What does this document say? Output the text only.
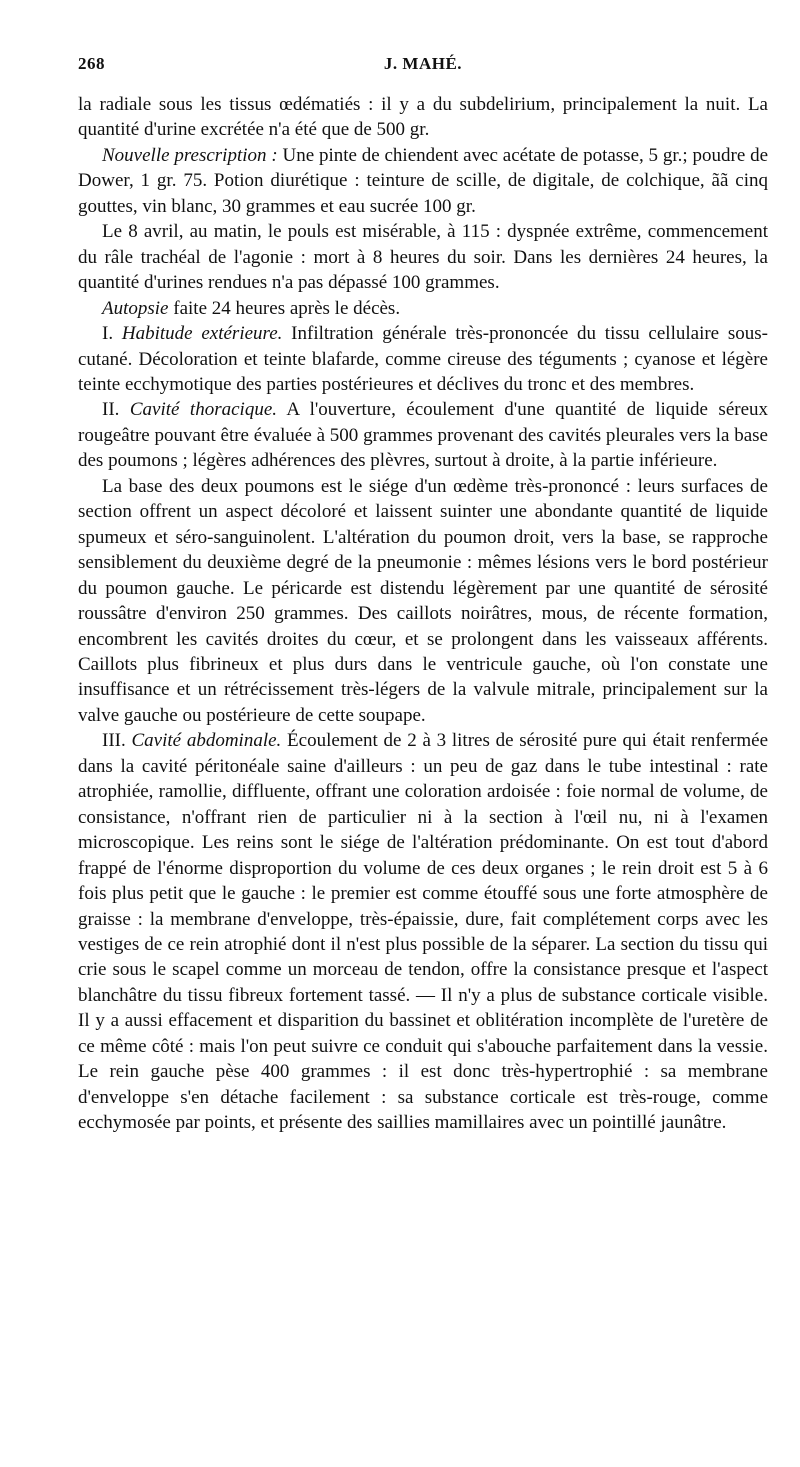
268	J. MAHÉ.

la radiale sous les tissus œdématiés : il y a du subdelirium, principalement la nuit. La quantité d'urine excrétée n'a été que de 500 gr.

Nouvelle prescription : Une pinte de chiendent avec acétate de potasse, 5 gr.; poudre de Dower, 1 gr. 75. Potion diurétique : teinture de scille, de digitale, de colchique, ãã cinq gouttes, vin blanc, 30 grammes et eau sucrée 100 gr.

Le 8 avril, au matin, le pouls est misérable, à 115 : dyspnée extrême, commencement du râle trachéal de l'agonie : mort à 8 heures du soir. Dans les dernières 24 heures, la quantité d'urines rendues n'a pas dépassé 100 grammes.

Autopsie faite 24 heures après le décès.

I. Habitude extérieure. Infiltration générale très-prononcée du tissu cellulaire sous-cutané. Décoloration et teinte blafarde, comme cireuse des téguments ; cyanose et légère teinte ecchymotique des parties postérieures et déclives du tronc et des membres.

II. Cavité thoracique. A l'ouverture, écoulement d'une quantité de liquide séreux rougeâtre pouvant être évaluée à 500 grammes provenant des cavités pleurales vers la base des poumons ; légères adhérences des plèvres, surtout à droite, à la partie inférieure.

La base des deux poumons est le siége d'un œdème très-prononcé : leurs surfaces de section offrent un aspect décoloré et laissent suinter une abondante quantité de liquide spumeux et séro-sanguinolent. L'altération du poumon droit, vers la base, se rapproche sensiblement du deuxième degré de la pneumonie : mêmes lésions vers le bord postérieur du poumon gauche. Le péricarde est distendu légèrement par une quantité de sérosité roussâtre d'environ 250 grammes. Des caillots noirâtres, mous, de récente formation, encombrent les cavités droites du cœur, et se prolongent dans les vaisseaux afférents. Caillots plus fibrineux et plus durs dans le ventricule gauche, où l'on constate une insuffisance et un rétrécissement très-légers de la valvule mitrale, principalement sur la valve gauche ou postérieure de cette soupape.

III. Cavité abdominale. Écoulement de 2 à 3 litres de sérosité pure qui était renfermée dans la cavité péritonéale saine d'ailleurs : un peu de gaz dans le tube intestinal : rate atrophiée, ramollie, diffluente, offrant une coloration ardoisée : foie normal de volume, de consistance, n'offrant rien de particulier ni à la section à l'œil nu, ni à l'examen microscopique. Les reins sont le siége de l'altération prédominante. On est tout d'abord frappé de l'énorme disproportion du volume de ces deux organes ; le rein droit est 5 à 6 fois plus petit que le gauche : le premier est comme étouffé sous une forte atmosphère de graisse : la membrane d'enveloppe, très-épaissie, dure, fait complétement corps avec les vestiges de ce rein atrophié dont il n'est plus possible de la séparer. La section du tissu qui crie sous le scapel comme un morceau de tendon, offre la consistance presque et l'aspect blanchâtre du tissu fibreux fortement tassé. — Il n'y a plus de substance corticale visible. Il y a aussi effacement et disparition du bassinet et oblitération incomplète de l'uretère de ce même côté : mais l'on peut suivre ce conduit qui s'abouche parfaitement dans la vessie. Le rein gauche pèse 400 grammes : il est donc très-hypertrophié : sa membrane d'enveloppe s'en détache facilement : sa substance corticale est très-rouge, comme ecchymosée par points, et présente des saillies mamillaires avec un pointillé jaunâtre.
